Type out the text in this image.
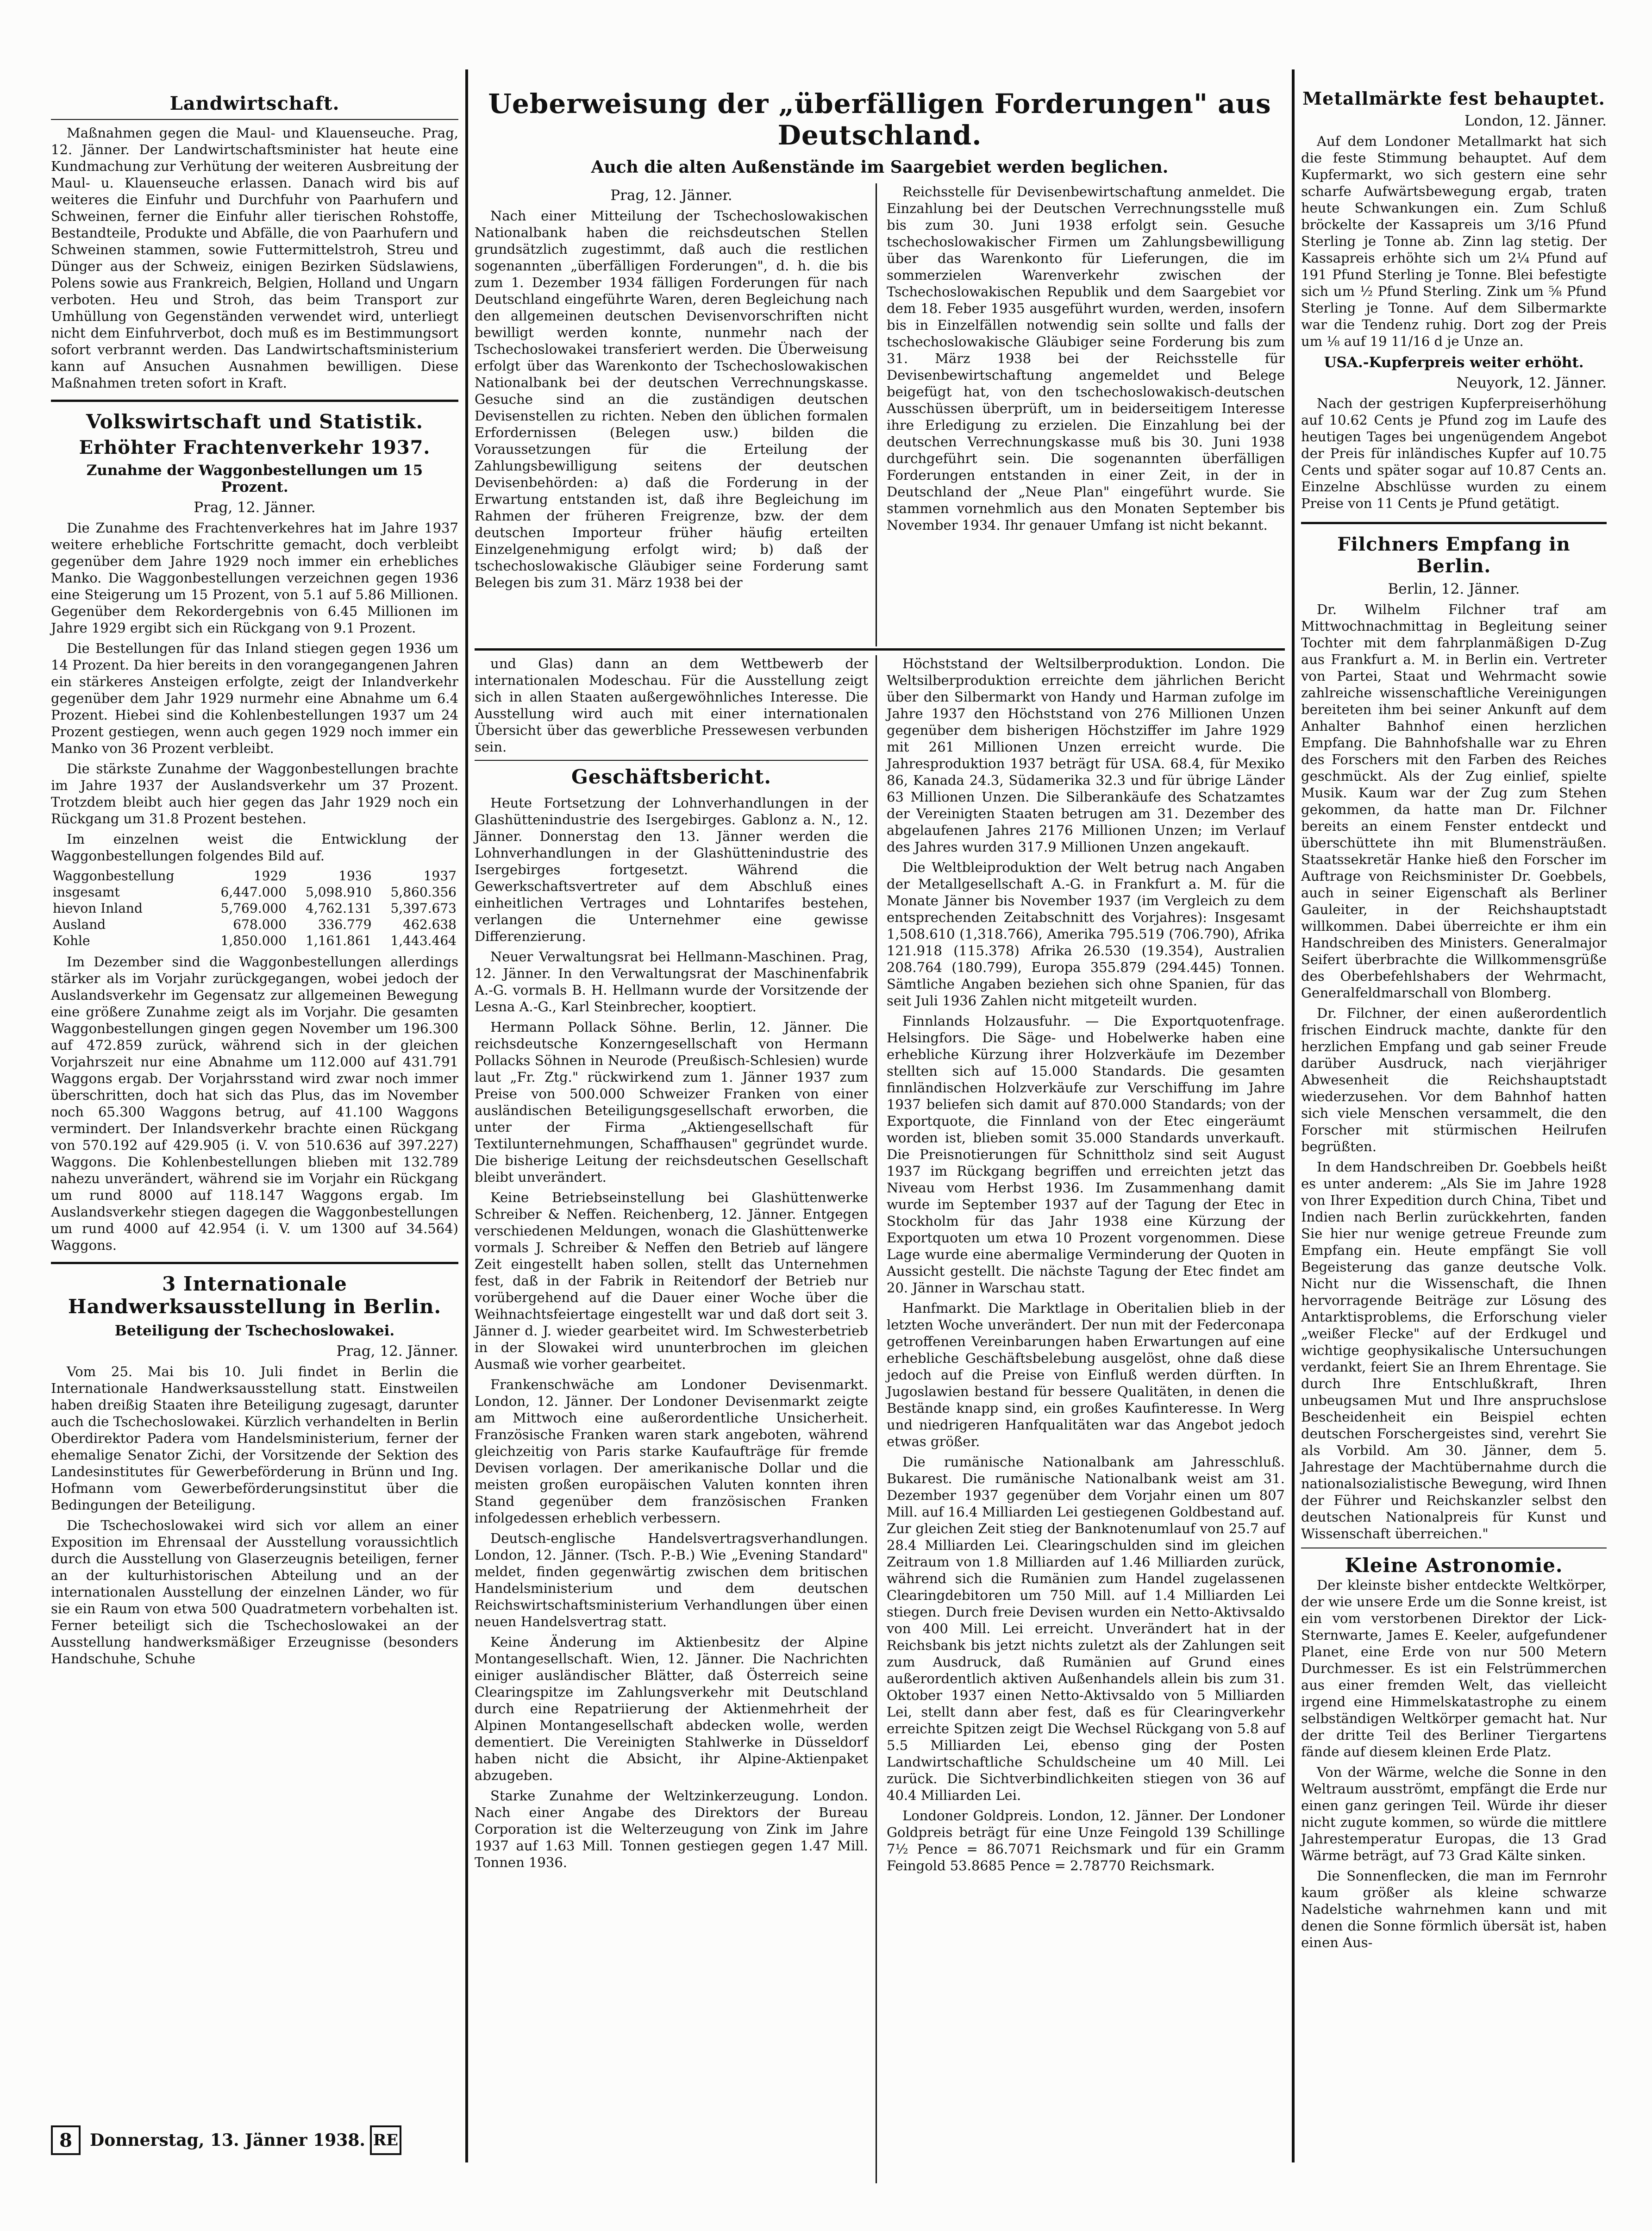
Landwirtschaft.

Maßnahmen gegen die Maul- und Klauenseuche. Prag, 12. Jänner. Der Landwirtschaftsminister hat heute eine Kundmachung zur Verhütung der weiteren Ausbreitung der Maul- u. Klauenseuche erlassen. Danach wird bis auf weiteres die Einfuhr und Durchfuhr von Paarhufern und Schweinen, ferner die Einfuhr aller tierischen Rohstoffe, Bestandteile, Produkte und Abfälle, die von Paarhufern und Schweinen stammen, sowie Futtermittelstroh, Streu und Dünger aus der Schweiz, einigen Bezirken Südslawiens, Polens sowie aus Frankreich, Belgien, Holland und Ungarn verboten. Heu und Stroh, das beim Transport zur Umhüllung von Gegenständen verwendet wird, unterliegt nicht dem Einfuhrverbot, doch muß es im Bestimmungsort sofort verbrannt werden. Das Landwirtschaftsministerium kann auf Ansuchen Ausnahmen bewilligen. Diese Maßnahmen treten sofort in Kraft.

Volkswirtschaft und Statistik.
Erhöhter Frachtenverkehr 1937.
Zunahme der Waggonbestellungen um 15 Prozent.
Prag, 12. Jänner.

Die Zunahme des Frachtenverkehres hat im Jahre 1937 weitere erhebliche Fortschritte gemacht, doch verbleibt gegenüber dem Jahre 1929 noch immer ein erhebliches Manko. Die Waggonbestellungen verzeichnen gegen 1936 eine Steigerung um 15 Prozent, von 5.1 auf 5.86 Millionen. Gegenüber dem Rekordergebnis von 6.45 Millionen im Jahre 1929 ergibt sich ein Rückgang von 9.1 Prozent.

Die Bestellungen für das Inland stiegen gegen 1936 um 14 Prozent. Da hier bereits in den vorangegangenen Jahren ein stärkeres Ansteigen erfolgte, zeigt der Inlandverkehr gegenüber dem Jahr 1929 nurmehr eine Abnahme um 6.4 Prozent. Hiebei sind die Kohlenbestellungen 1937 um 24 Prozent gestiegen, wenn auch gegen 1929 noch immer ein Manko von 36 Prozent verbleibt.

Die stärkste Zunahme der Waggonbestellungen brachte im Jahre 1937 der Auslandsverkehr um 37 Prozent. Trotzdem bleibt auch hier gegen das Jahr 1929 noch ein Rückgang um 31.8 Prozent bestehen.

Im einzelnen weist die Entwicklung der Waggonbestellungen folgendes Bild auf.

Waggonbestellung	1929	1936	1937
insgesamt	6,447.000	5,098.910	5,860.356
hievon Inland	5,769.000	4,762.131	5,397.673
Ausland	678.000	336.779	462.638
Kohle	1,850.000	1,161.861	1,443.464

Im Dezember sind die Waggonbestellungen allerdings stärker als im Vorjahr zurückgegangen, wobei jedoch der Auslandsverkehr im Gegensatz zur allgemeinen Bewegung eine größere Zunahme zeigt als im Vorjahr. Die gesamten Waggonbestellungen gingen gegen November um 196.300 auf 472.859 zurück, während sich in der gleichen Vorjahrszeit nur eine Abnahme um 112.000 auf 431.791 Waggons ergab. Der Vorjahrsstand wird zwar noch immer überschritten, doch hat sich das Plus, das im November noch 65.300 Waggons betrug, auf 41.100 Waggons vermindert. Der Inlandsverkehr brachte einen Rückgang von 570.192 auf 429.905 (i. V. von 510.636 auf 397.227) Waggons. Die Kohlenbestellungen blieben mit 132.789 nahezu unverändert, während sie im Vorjahr ein Rückgang um rund 8000 auf 118.147 Waggons ergab. Im Auslandsverkehr stiegen dagegen die Waggonbestellungen um rund 4000 auf 42.954 (i. V. um 1300 auf 34.564) Waggons.

3 Internationale Handwerksausstellung in Berlin.
Beteiligung der Tschechoslowakei.
Prag, 12. Jänner.

Vom 25. Mai bis 10. Juli findet in Berlin die Internationale Handwerksausstellung statt. Einstweilen haben dreißig Staaten ihre Beteiligung zugesagt, darunter auch die Tschechoslowakei. Kürzlich verhandelten in Berlin Oberdirektor Padera vom Handelsministerium, ferner der ehemalige Senator Zichi, der Vorsitzende der Sektion des Landesinstitutes für Gewerbeförderung in Brünn und Ing. Hofmann vom Gewerbeförderungsinstitut über die Bedingungen der Beteiligung.

Die Tschechoslowakei wird sich vor allem an einer Exposition im Ehrensaal der Ausstellung voraussichtlich durch die Ausstellung von Glaserzeugnis beteiligen, ferner an der kulturhistorischen Abteilung und an der internationalen Ausstellung der einzelnen Länder, wo für sie ein Raum von etwa 500 Quadratmetern vorbehalten ist. Ferner beteiligt sich die Tschechoslowakei an der Ausstellung handwerksmäßiger Erzeugnisse (besonders Handschuhe, Schuhe

8	Donnerstag, 13. Jänner 1938. RE
Ueberweisung der „überfälligen Forderungen" aus Deutschland.
Auch die alten Außenstände im Saargebiet werden beglichen.
Prag, 12. Jänner.

Nach einer Mitteilung der Tschechoslowakischen Nationalbank haben die reichsdeutschen Stellen grundsätzlich zugestimmt, daß auch die restlichen sogenannten „überfälligen Forderungen", d. h. die bis zum 1. Dezember 1934 fälligen Forderungen für nach Deutschland eingeführte Waren, deren Begleichung nach den allgemeinen deutschen Devisenvorschriften nicht bewilligt werden konnte, nunmehr nach der Tschechoslowakei transferiert werden. Die Überweisung erfolgt über das Warenkonto der Tschechoslowakischen Nationalbank bei der deutschen Verrechnungskasse. Gesuche sind an die zuständigen deutschen Devisenstellen zu richten. Neben den üblichen formalen Erfordernissen (Belegen usw.) bilden die Voraussetzungen für die Erteilung der Zahlungsbewilligung seitens der deutschen Devisenbehörden: a) daß die Forderung in der Erwartung entstanden ist, daß ihre Begleichung im Rahmen der früheren Freigrenze, bzw. der dem deutschen Importeur früher häufig erteilten Einzelgenehmigung erfolgt wird; b) daß der tschechoslowakische Gläubiger seine Forderung samt Belegen bis zum 31. März 1938 bei der

Reichsstelle für Devisenbewirtschaftung anmeldet. Die Einzahlung bei der Deutschen Verrechnungsstelle muß bis zum 30. Juni 1938 erfolgt sein. Gesuche tschechoslowakischer Firmen um Zahlungsbewilligung über das Warenkonto für Lieferungen, die im sommerzielen Warenverkehr zwischen der Tschechoslowakischen Republik und dem Saargebiet vor dem 18. Feber 1935 ausgeführt wurden, werden, insofern bis in Einzelfällen notwendig sein sollte und falls der tschechoslowakische Gläubiger seine Forderung bis zum 31. März 1938 bei der Reichsstelle für Devisenbewirtschaftung angemeldet und Belege beigefügt hat, von den tschechoslowakisch-deutschen Ausschüssen überprüft, um in beiderseitigem Interesse ihre Erledigung zu erzielen. Die Einzahlung bei der deutschen Verrechnungskasse muß bis 30. Juni 1938 durchgeführt sein. Die sogenannten überfälligen Forderungen entstanden in einer Zeit, in der in Deutschland der „Neue Plan" eingeführt wurde. Sie stammen vornehmlich aus den Monaten September bis November 1934. Ihr genauer Umfang ist nicht bekannt.

und Glas) dann an dem Wettbewerb der internationalen Modeschau. Für die Ausstellung zeigt sich in allen Staaten außergewöhnliches Interesse. Die Ausstellung wird auch mit einer internationalen Übersicht über das gewerbliche Pressewesen verbunden sein.

Geschäftsbericht.

Heute Fortsetzung der Lohnverhandlungen in der Glashüttenindustrie des Isergebirges. Gablonz a. N., 12. Jänner. Donnerstag den 13. Jänner werden die Lohnverhandlungen in der Glashüttenindustrie des Isergebirges fortgesetzt. Während die Gewerkschaftsvertreter auf dem Abschluß eines einheitlichen Vertrages und Lohntarifes bestehen, verlangen die Unternehmer eine gewisse Differenzierung.

Neuer Verwaltungsrat bei Hellmann-Maschinen. Prag, 12. Jänner. In den Verwaltungsrat der Maschinenfabrik A.-G. vormals B. H. Hellmann wurde der Vorsitzende der Lesna A.-G., Karl Steinbrecher, kooptiert.

Hermann Pollack Söhne. Berlin, 12. Jänner. Die reichsdeutsche Konzerngesellschaft von Hermann Pollacks Söhnen in Neurode (Preußisch-Schlesien) wurde laut „Fr. Ztg." rückwirkend zum 1. Jänner 1937 zum Preise von 500.000 Schweizer Franken von einer ausländischen Beteiligungsgesellschaft erworben, die unter der Firma „Aktiengesellschaft für Textilunternehmungen, Schaffhausen" gegründet wurde. Die bisherige Leitung der reichsdeutschen Gesellschaft bleibt unverändert.

Keine Betriebseinstellung bei Glashüttenwerke Schreiber & Neffen. Reichenberg, 12. Jänner. Entgegen verschiedenen Meldungen, wonach die Glashüttenwerke vormals J. Schreiber & Neffen den Betrieb auf längere Zeit eingestellt haben sollen, stellt das Unternehmen fest, daß in der Fabrik in Reitendorf der Betrieb nur vorübergehend auf die Dauer einer Woche über die Weihnachtsfeiertage eingestellt war und daß dort seit 3. Jänner d. J. wieder gearbeitet wird. Im Schwesterbetrieb in der Slowakei wird ununterbrochen im gleichen Ausmaß wie vorher gearbeitet.

Frankenschwäche am Londoner Devisenmarkt. London, 12. Jänner. Der Londoner Devisenmarkt zeigte am Mittwoch eine außerordentliche Unsicherheit. Französische Franken waren stark angeboten, während gleichzeitig von Paris starke Kaufaufträge für fremde Devisen vorlagen. Der amerikanische Dollar und die meisten großen europäischen Valuten konnten ihren Stand gegenüber dem französischen Franken infolgedessen erheblich verbessern.

Deutsch-englische Handelsvertragsverhandlungen. London, 12. Jänner. (Tsch. P.-B.) Wie „Evening Standard" meldet, finden gegenwärtig zwischen dem britischen Handelsministerium und dem deutschen Reichswirtschaftsministerium Verhandlungen über einen neuen Handelsvertrag statt.

Keine Änderung im Aktienbesitz der Alpine Montangesellschaft. Wien, 12. Jänner. Die Nachrichten einiger ausländischer Blätter, daß Österreich seine Clearingspitze im Zahlungsverkehr mit Deutschland durch eine Repatriierung der Aktienmehrheit der Alpinen Montangesellschaft abdecken wolle, werden dementiert. Die Vereinigten Stahlwerke in Düsseldorf haben nicht die Absicht, ihr Alpine-Aktienpaket abzugeben.

Starke Zunahme der Weltzinkerzeugung. London. Nach einer Angabe des Direktors der Bureau Corporation ist die Welterzeugung von Zink im Jahre 1937 auf 1.63 Mill. Tonnen gestiegen gegen 1.47 Mill. Tonnen 1936.

Höchststand der Weltsilberproduktion. London. Die Weltsilberproduktion erreichte dem jährlichen Bericht über den Silbermarkt von Handy und Harman zufolge im Jahre 1937 den Höchststand von 276 Millionen Unzen gegenüber dem bisherigen Höchstziffer im Jahre 1929 mit 261 Millionen Unzen erreicht wurde. Die Jahresproduktion 1937 beträgt für USA. 68.4, für Mexiko 86, Kanada 24.3, Südamerika 32.3 und für übrige Länder 63 Millionen Unzen. Die Silberankäufe des Schatzamtes der Vereinigten Staaten betrugen am 31. Dezember des abgelaufenen Jahres 2176 Millionen Unzen; im Verlauf des Jahres wurden 317.9 Millionen Unzen angekauft.

Die Weltbleiproduktion der Welt betrug nach Angaben der Metallgesellschaft A.-G. in Frankfurt a. M. für die Monate Jänner bis November 1937 (im Vergleich zu dem entsprechenden Zeitabschnitt des Vorjahres): Insgesamt 1,508.610 (1,318.766), Amerika 795.519 (706.790), Afrika 121.918 (115.378) Afrika 26.530 (19.354), Australien 208.764 (180.799), Europa 355.879 (294.445) Tonnen. Sämtliche Angaben beziehen sich ohne Spanien, für das seit Juli 1936 Zahlen nicht mitgeteilt wurden.

Finnlands Holzausfuhr. — Die Exportquotenfrage. Helsingfors. Die Säge- und Hobelwerke haben eine erhebliche Kürzung ihrer Holzverkäufe im Dezember stellten sich auf 15.000 Standards. Die gesamten finnländischen Holzverkäufe zur Verschiffung im Jahre 1937 beliefen sich damit auf 870.000 Standards; von der Exportquote, die Finnland von der Etec eingeräumt worden ist, blieben somit 35.000 Standards unverkauft. Die Preisnotierungen für Schnittholz sind seit August 1937 im Rückgang begriffen und erreichten jetzt das Niveau vom Herbst 1936. Im Zusammenhang damit wurde im September 1937 auf der Tagung der Etec in Stockholm für das Jahr 1938 eine Kürzung der Exportquoten um etwa 10 Prozent vorgenommen. Diese Lage wurde eine abermalige Verminderung der Quoten in Aussicht gestellt. Die nächste Tagung der Etec findet am 20. Jänner in Warschau statt.

Hanfmarkt. Die Marktlage in Oberitalien blieb in der letzten Woche unverändert. Der nun mit der Federconapa getroffenen Vereinbarungen haben Erwartungen auf eine erhebliche Geschäftsbelebung ausgelöst, ohne daß diese jedoch auf die Preise von Einfluß werden dürften. In Jugoslawien bestand für bessere Qualitäten, in denen die Bestände knapp sind, ein großes Kaufinteresse. In Werg und niedrigeren Hanfqualitäten war das Angebot jedoch etwas größer.

Die rumänische Nationalbank am Jahresschluß. Bukarest. Die rumänische Nationalbank weist am 31. Dezember 1937 gegenüber dem Vorjahr einen um 807 Mill. auf 16.4 Milliarden Lei gestiegenen Goldbestand auf. Zur gleichen Zeit stieg der Banknotenumlauf von 25.7 auf 28.4 Milliarden Lei. Clearingschulden sind im gleichen Zeitraum von 1.8 Milliarden auf 1.46 Milliarden zurück, während sich die Rumänien zum Handel zugelassenen Clearingdebitoren um 750 Mill. auf 1.4 Milliarden Lei stiegen. Durch freie Devisen wurden ein Netto-Aktivsaldo von 400 Mill. Lei erreicht. Unverändert hat in der Reichsbank bis jetzt nichts zuletzt als der Zahlungen seit zum Ausdruck, daß Rumänien auf Grund eines außerordentlich aktiven Außenhandels allein bis zum 31. Oktober 1937 einen Netto-Aktivsaldo von 5 Milliarden Lei, stellt dann aber fest, daß es für Clearingverkehr erreichte Spitzen zeigt Die Wechsel Rückgang von 5.8 auf 5.5 Milliarden Lei, ebenso ging der Posten Landwirtschaftliche Schuldscheine um 40 Mill. Lei zurück. Die Sichtverbindlichkeiten stiegen von 36 auf 40.4 Milliarden Lei.

Londoner Goldpreis. London, 12. Jänner. Der Londoner Goldpreis beträgt für eine Unze Feingold 139 Schillinge 7½ Pence = 86.7071 Reichsmark und für ein Gramm Feingold 53.8685 Pence = 2.78770 Reichsmark.

Metallmärkte fest behauptet.
London, 12. Jänner.

Auf dem Londoner Metallmarkt hat sich die feste Stimmung behauptet. Auf dem Kupfermarkt, wo sich gestern eine sehr scharfe Aufwärtsbewegung ergab, traten heute Schwankungen ein. Zum Schluß bröckelte der Kassapreis um 3/16 Pfund Sterling je Tonne ab. Zinn lag stetig. Der Kassapreis erhöhte sich um 2¼ Pfund auf 191 Pfund Sterling je Tonne. Blei befestigte sich um ½ Pfund Sterling. Zink um ⅝ Pfund Sterling je Tonne. Auf dem Silbermarkte war die Tendenz ruhig. Dort zog der Preis um ⅛ auf 19 11/16 d je Unze an.

USA.-Kupferpreis weiter erhöht.
Neuyork, 12. Jänner.

Nach der gestrigen Kupferpreiserhöhung auf 10.62 Cents je Pfund zog im Laufe des heutigen Tages bei ungenügendem Angebot der Preis für inländisches Kupfer auf 10.75 Cents und später sogar auf 10.87 Cents an. Einzelne Abschlüsse wurden zu einem Preise von 11 Cents je Pfund getätigt.

Filchners Empfang in Berlin.
Berlin, 12. Jänner.

Dr. Wilhelm Filchner traf am Mittwochnachmittag in Begleitung seiner Tochter mit dem fahrplanmäßigen D-Zug aus Frankfurt a. M. in Berlin ein. Vertreter von Partei, Staat und Wehrmacht sowie zahlreiche wissenschaftliche Vereinigungen bereiteten ihm bei seiner Ankunft auf dem Anhalter Bahnhof einen herzlichen Empfang. Die Bahnhofshalle war zu Ehren des Forschers mit den Farben des Reiches geschmückt. Als der Zug einlief, spielte Musik. Kaum war der Zug zum Stehen gekommen, da hatte man Dr. Filchner bereits an einem Fenster entdeckt und überschüttete ihn mit Blumensträußen. Staatssekretär Hanke hieß den Forscher im Auftrage von Reichsminister Dr. Goebbels, auch in seiner Eigenschaft als Berliner Gauleiter, in der Reichshauptstadt willkommen. Dabei überreichte er ihm ein Handschreiben des Ministers. Generalmajor Seifert überbrachte die Willkommensgrüße des Oberbefehlshabers der Wehrmacht, Generalfeldmarschall von Blomberg.

Dr. Filchner, der einen außerordentlich frischen Eindruck machte, dankte für den herzlichen Empfang und gab seiner Freude darüber Ausdruck, nach vierjähriger Abwesenheit die Reichshauptstadt wiederzusehen. Vor dem Bahnhof hatten sich viele Menschen versammelt, die den Forscher mit stürmischen Heilrufen begrüßten.

In dem Handschreiben Dr. Goebbels heißt es unter anderem: „Als Sie im Jahre 1928 von Ihrer Expedition durch China, Tibet und Indien nach Berlin zurückkehrten, fanden Sie hier nur wenige getreue Freunde zum Empfang ein. Heute empfängt Sie voll Begeisterung das ganze deutsche Volk. Nicht nur die Wissenschaft, die Ihnen hervorragende Beiträge zur Lösung des Antarktisproblems, die Erforschung vieler „weißer Flecke" auf der Erdkugel und wichtige geophysikalische Untersuchungen verdankt, feiert Sie an Ihrem Ehrentage. Sie durch Ihre Entschlußkraft, Ihren unbeugsamen Mut und Ihre anspruchslose Bescheidenheit ein Beispiel echten deutschen Forschergeistes sind, verehrt Sie als Vorbild. Am 30. Jänner, dem 5. Jahrestage der Machtübernahme durch die nationalsozialistische Bewegung, wird Ihnen der Führer und Reichskanzler selbst den deutschen Nationalpreis für Kunst und Wissenschaft überreichen."

Kleine Astronomie.

Der kleinste bisher entdeckte Weltkörper, der wie unsere Erde um die Sonne kreist, ist ein vom verstorbenen Direktor der Lick-Sternwarte, James E. Keeler, aufgefundener Planet, eine Erde von nur 500 Metern Durchmesser. Es ist ein Felstrümmerchen aus einer fremden Welt, das vielleicht irgend eine Himmelskatastrophe zu einem selbständigen Weltkörper gemacht hat. Nur der dritte Teil des Berliner Tiergartens fände auf diesem kleinen Erde Platz.

Von der Wärme, welche die Sonne in den Weltraum ausströmt, empfängt die Erde nur einen ganz geringen Teil. Würde ihr dieser nicht zugute kommen, so würde die mittlere Jahrestemperatur Europas, die 13 Grad Wärme beträgt, auf 73 Grad Kälte sinken.

Die Sonnenflecken, die man im Fernrohr kaum größer als kleine schwarze Nadelstiche wahrnehmen kann und mit denen die Sonne förmlich übersät ist, haben einen Aus-
